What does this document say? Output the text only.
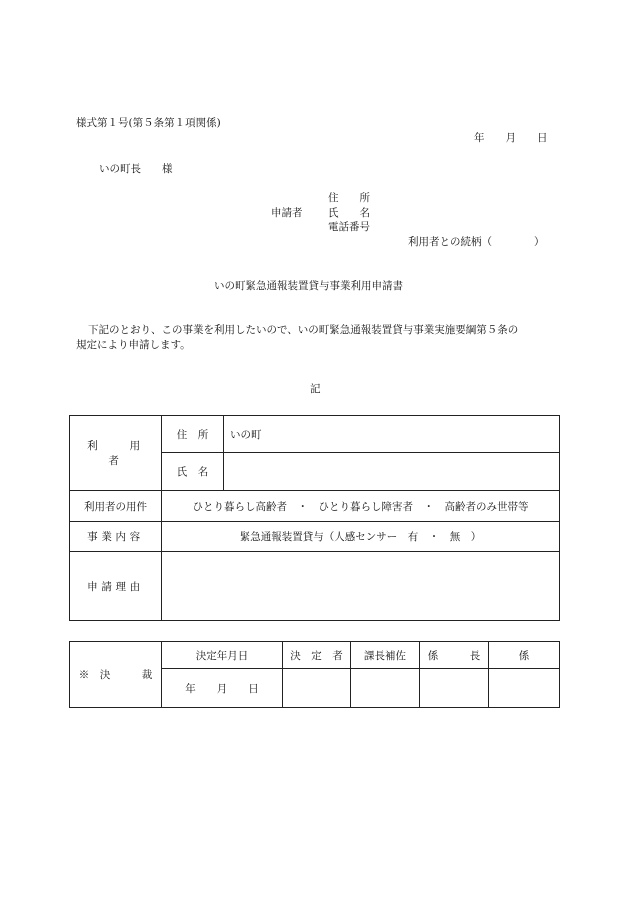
様式第１号(第５条第１項関係)
年　　月　　日
いの町長　　様
住　　所
申請者 氏　　名
電話番号
利用者との続柄（　　　　）
いの町緊急通報装置貸与事業利用申請書
下記のとおり、この事業を利用したいので、いの町緊急通報装置貸与事業実施要綱第５条の
規定により申請します。
記
利　　用　　者	住　所	いの町
	氏　名	
利用者の用件	ひとり暮らし高齢者　・　ひとり暮らし障害者　・　高齢者のみ世帯等	
事業内容	緊急通報装置貸与（人感センサー　有　・　無　）	
申請理由		
※　決　　　裁	決定年月日	決　定　者	課長補佐	係　　　長	係
	年　　月　　日				
